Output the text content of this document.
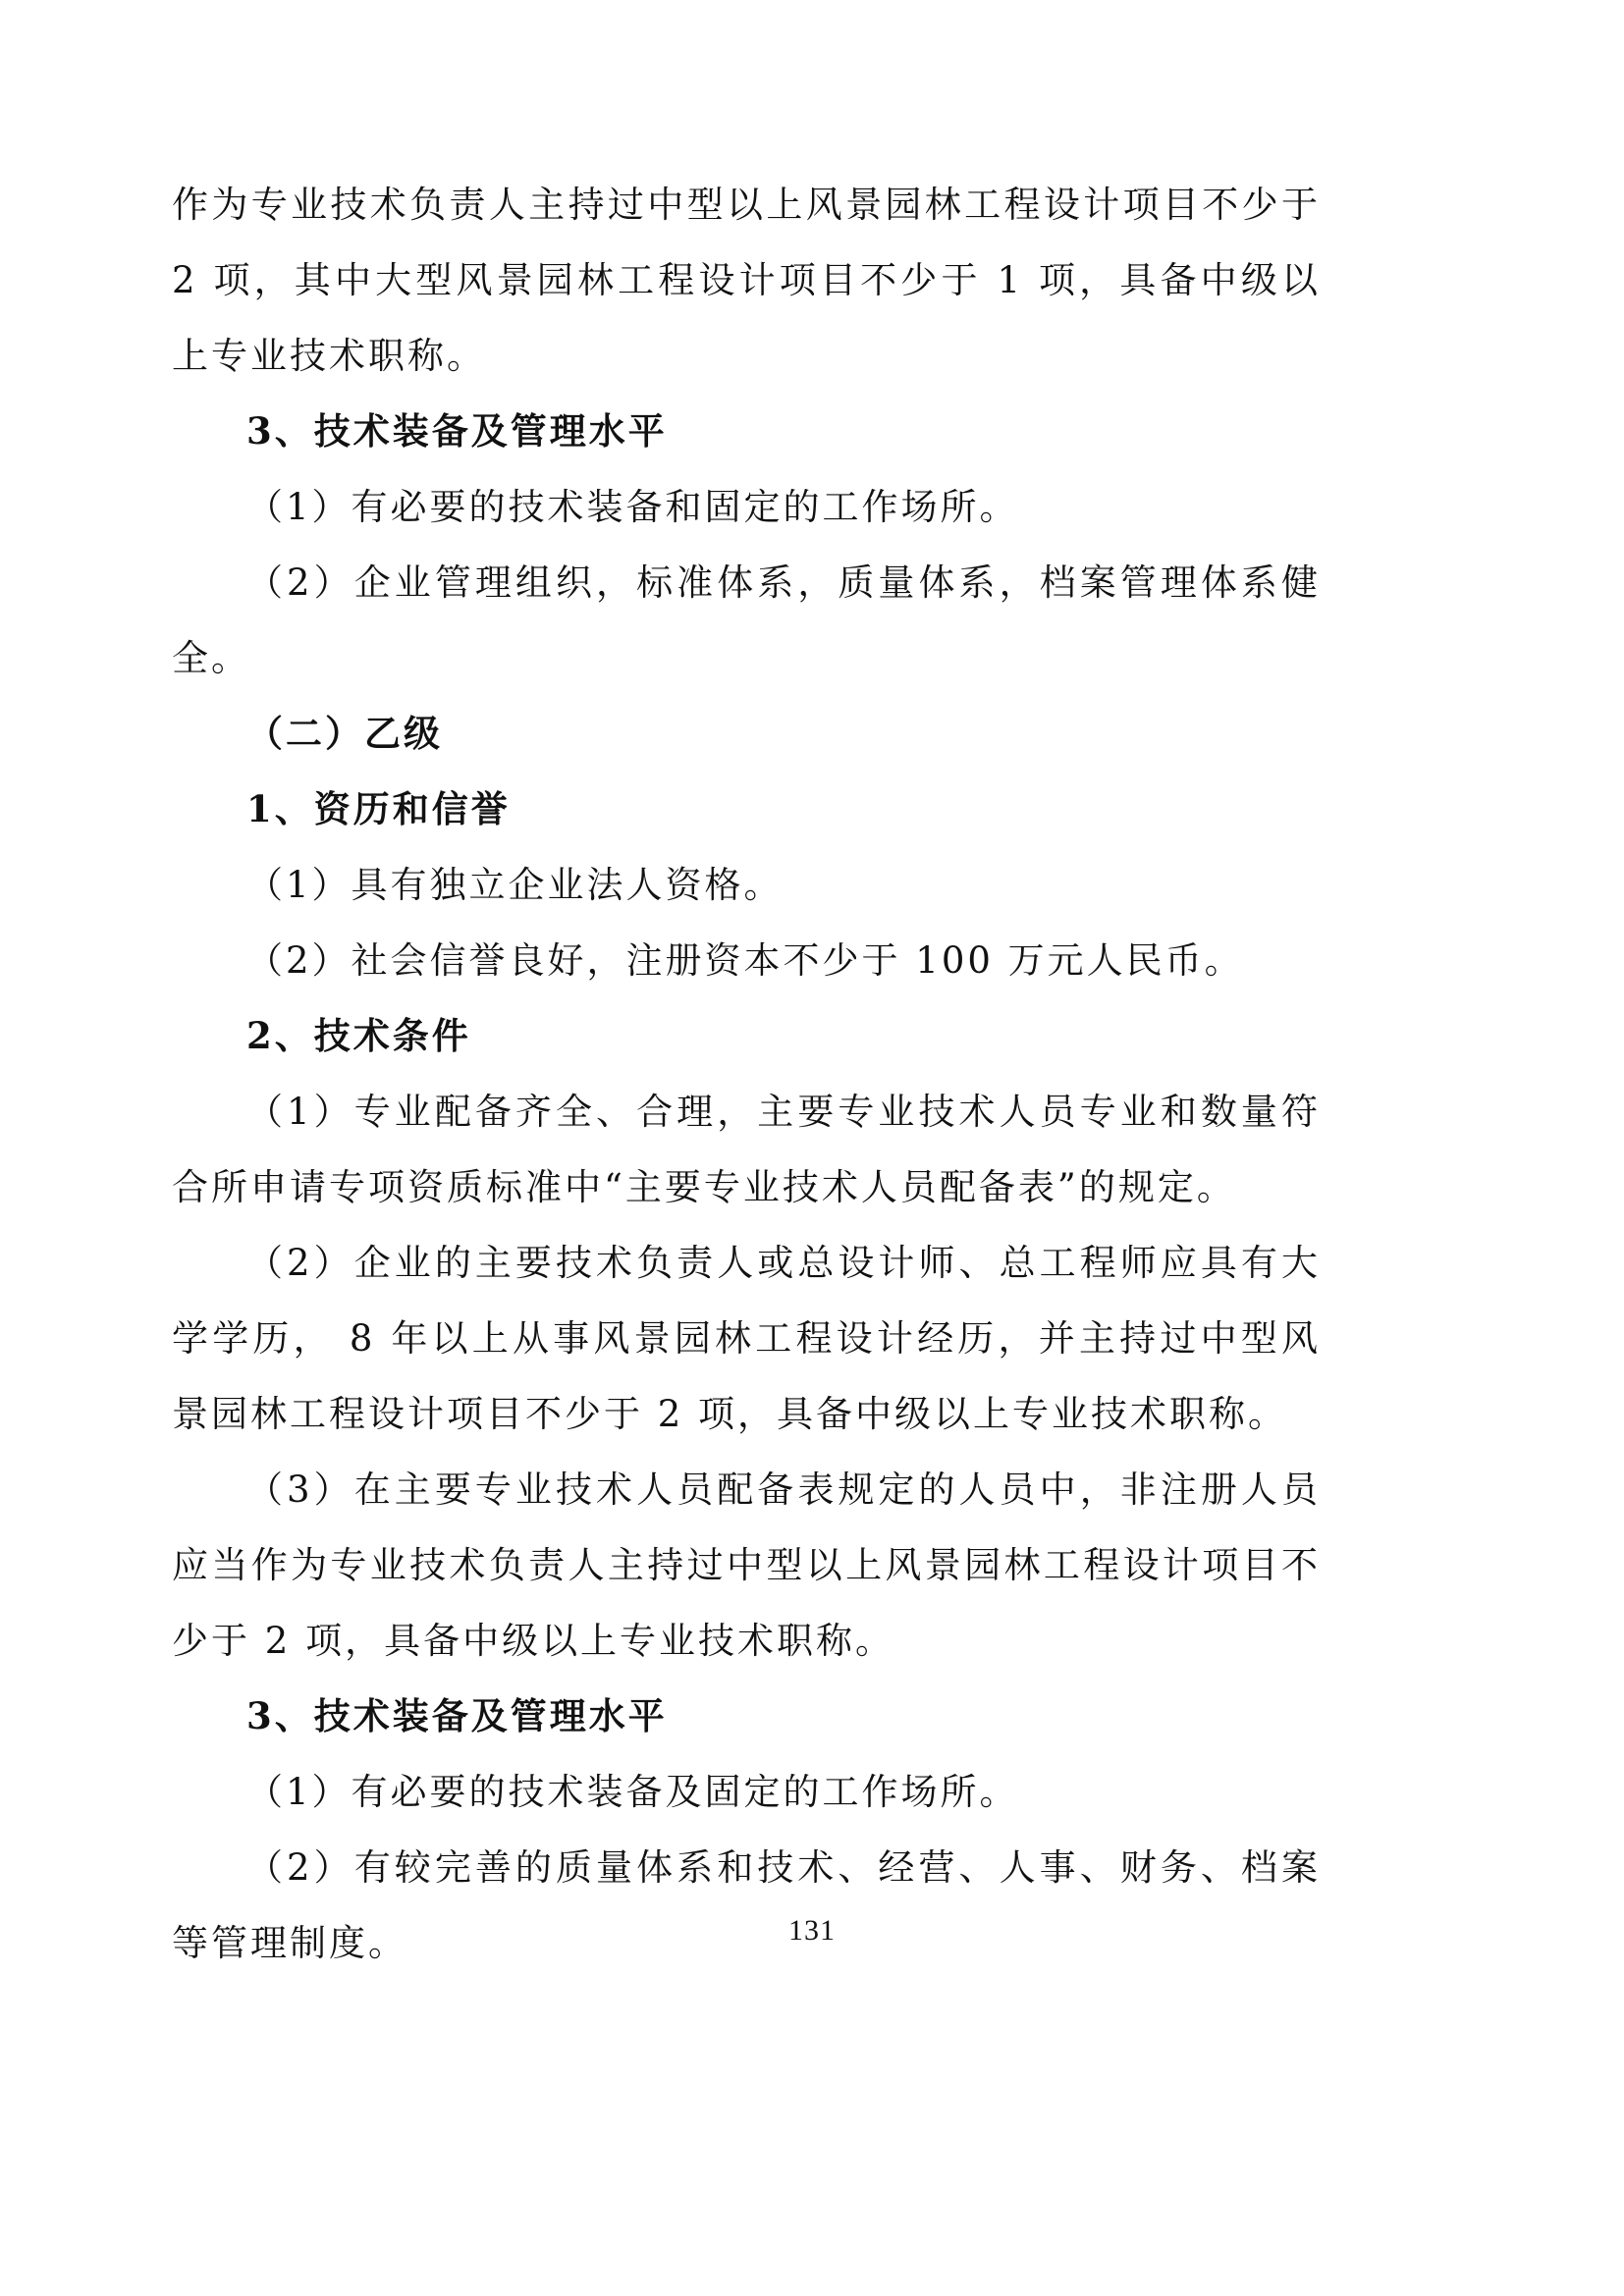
作为专业技术负责人主持过中型以上风景园林工程设计项目不少于 2 项，其中大型风景园林工程设计项目不少于 1 项，具备中级以上专业技术职称。

3、技术装备及管理水平

（1）有必要的技术装备和固定的工作场所。

（2）企业管理组织，标准体系，质量体系，档案管理体系健全。

（二）乙级

1、资历和信誉

（1）具有独立企业法人资格。

（2）社会信誉良好，注册资本不少于 100 万元人民币。

2、技术条件

（1）专业配备齐全、合理，主要专业技术人员专业和数量符合所申请专项资质标准中“主要专业技术人员配备表”的规定。

（2）企业的主要技术负责人或总设计师、总工程师应具有大学学历， 8 年以上从事风景园林工程设计经历，并主持过中型风景园林工程设计项目不少于 2 项，具备中级以上专业技术职称。

（3）在主要专业技术人员配备表规定的人员中，非注册人员应当作为专业技术负责人主持过中型以上风景园林工程设计项目不少于 2 项，具备中级以上专业技术职称。

3、技术装备及管理水平

（1）有必要的技术装备及固定的工作场所。

（2）有较完善的质量体系和技术、经营、人事、财务、档案等管理制度。	131
